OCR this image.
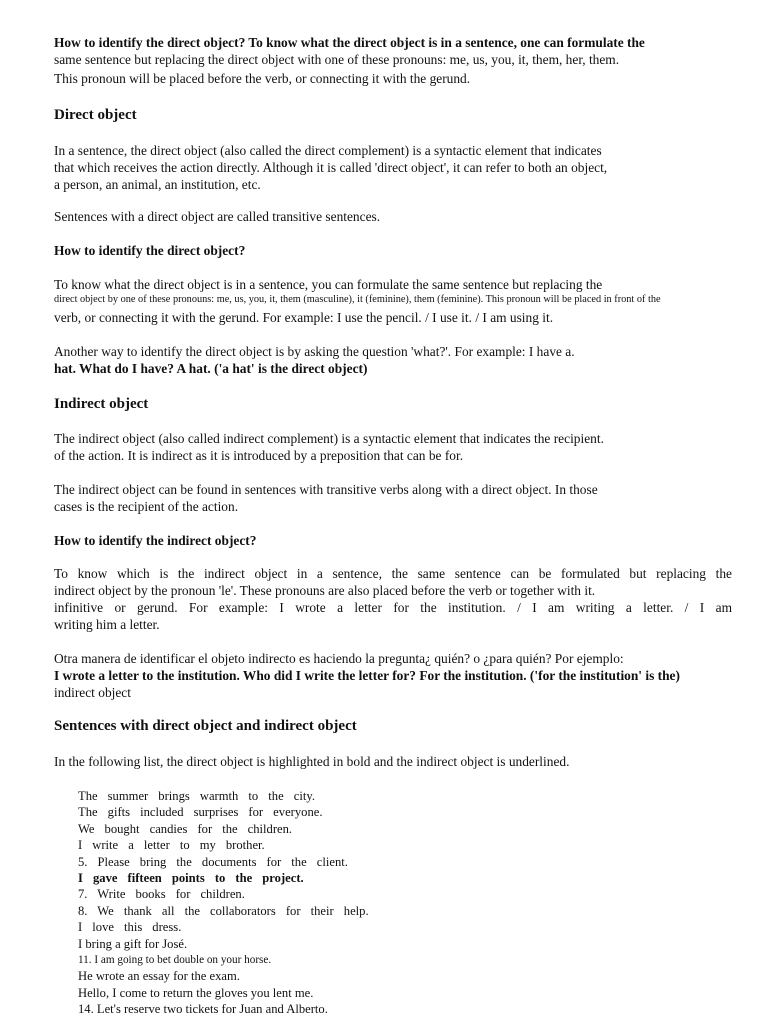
How to identify the direct object? To know what the direct object is in a sentence, one can formulate the
same sentence but replacing the direct object with one of these pronouns: me, us, you, it, them, her, them.
This pronoun will be placed before the verb, or connecting it with the gerund.
Direct object
In a sentence, the direct object (also called the direct complement) is a syntactic element that indicates
that which receives the action directly. Although it is called 'direct object', it can refer to both an object,
a person, an animal, an institution, etc.
Sentences with a direct object are called transitive sentences.
How to identify the direct object?
To know what the direct object is in a sentence, you can formulate the same sentence but replacing the
direct object by one of these pronouns: me, us, you, it, them (masculine), it (feminine), them (feminine). This pronoun will be placed in front of the
verb, or connecting it with the gerund. For example: I use the pencil. / I use it. / I am using it.
Another way to identify the direct object is by asking the question 'what?'. For example: I have a.
hat. What do I have? A hat. ('a hat' is the direct object)
Indirect object
The indirect object (also called indirect complement) is a syntactic element that indicates the recipient.
of the action. It is indirect as it is introduced by a preposition that can be for.
The indirect object can be found in sentences with transitive verbs along with a direct object. In those
cases is the recipient of the action.
How to identify the indirect object?
To know which is the indirect object in a sentence, the same sentence can be formulated but replacing the
indirect object by the pronoun 'le'. These pronouns are also placed before the verb or together with it.
infinitive or gerund. For example: I wrote a letter for the institution. / I am writing a letter. / I am
writing him a letter.
Otra manera de identificar el objeto indirecto es haciendo la pregunta¿ quién? o ¿para quién? Por ejemplo:
I wrote a letter to the institution. Who did I write the letter for? For the institution. ('for the institution' is the)
indirect object
Sentences with direct object and indirect object
In the following list, the direct object is highlighted in bold and the indirect object is underlined.
The summer brings warmth to the city.
The gifts included surprises for everyone.
We bought candies for the children.
I write a letter to my brother.
5. Please bring the documents for the client.
I gave fifteen points to the project.
7. Write books for children.
8. We thank all the collaborators for their help.
I love this dress.
I bring a gift for José.
11. I am going to bet double on your horse.
He wrote an essay for the exam.
Hello, I come to return the gloves you lent me.
14. Let's reserve two tickets for Juan and Alberto.
